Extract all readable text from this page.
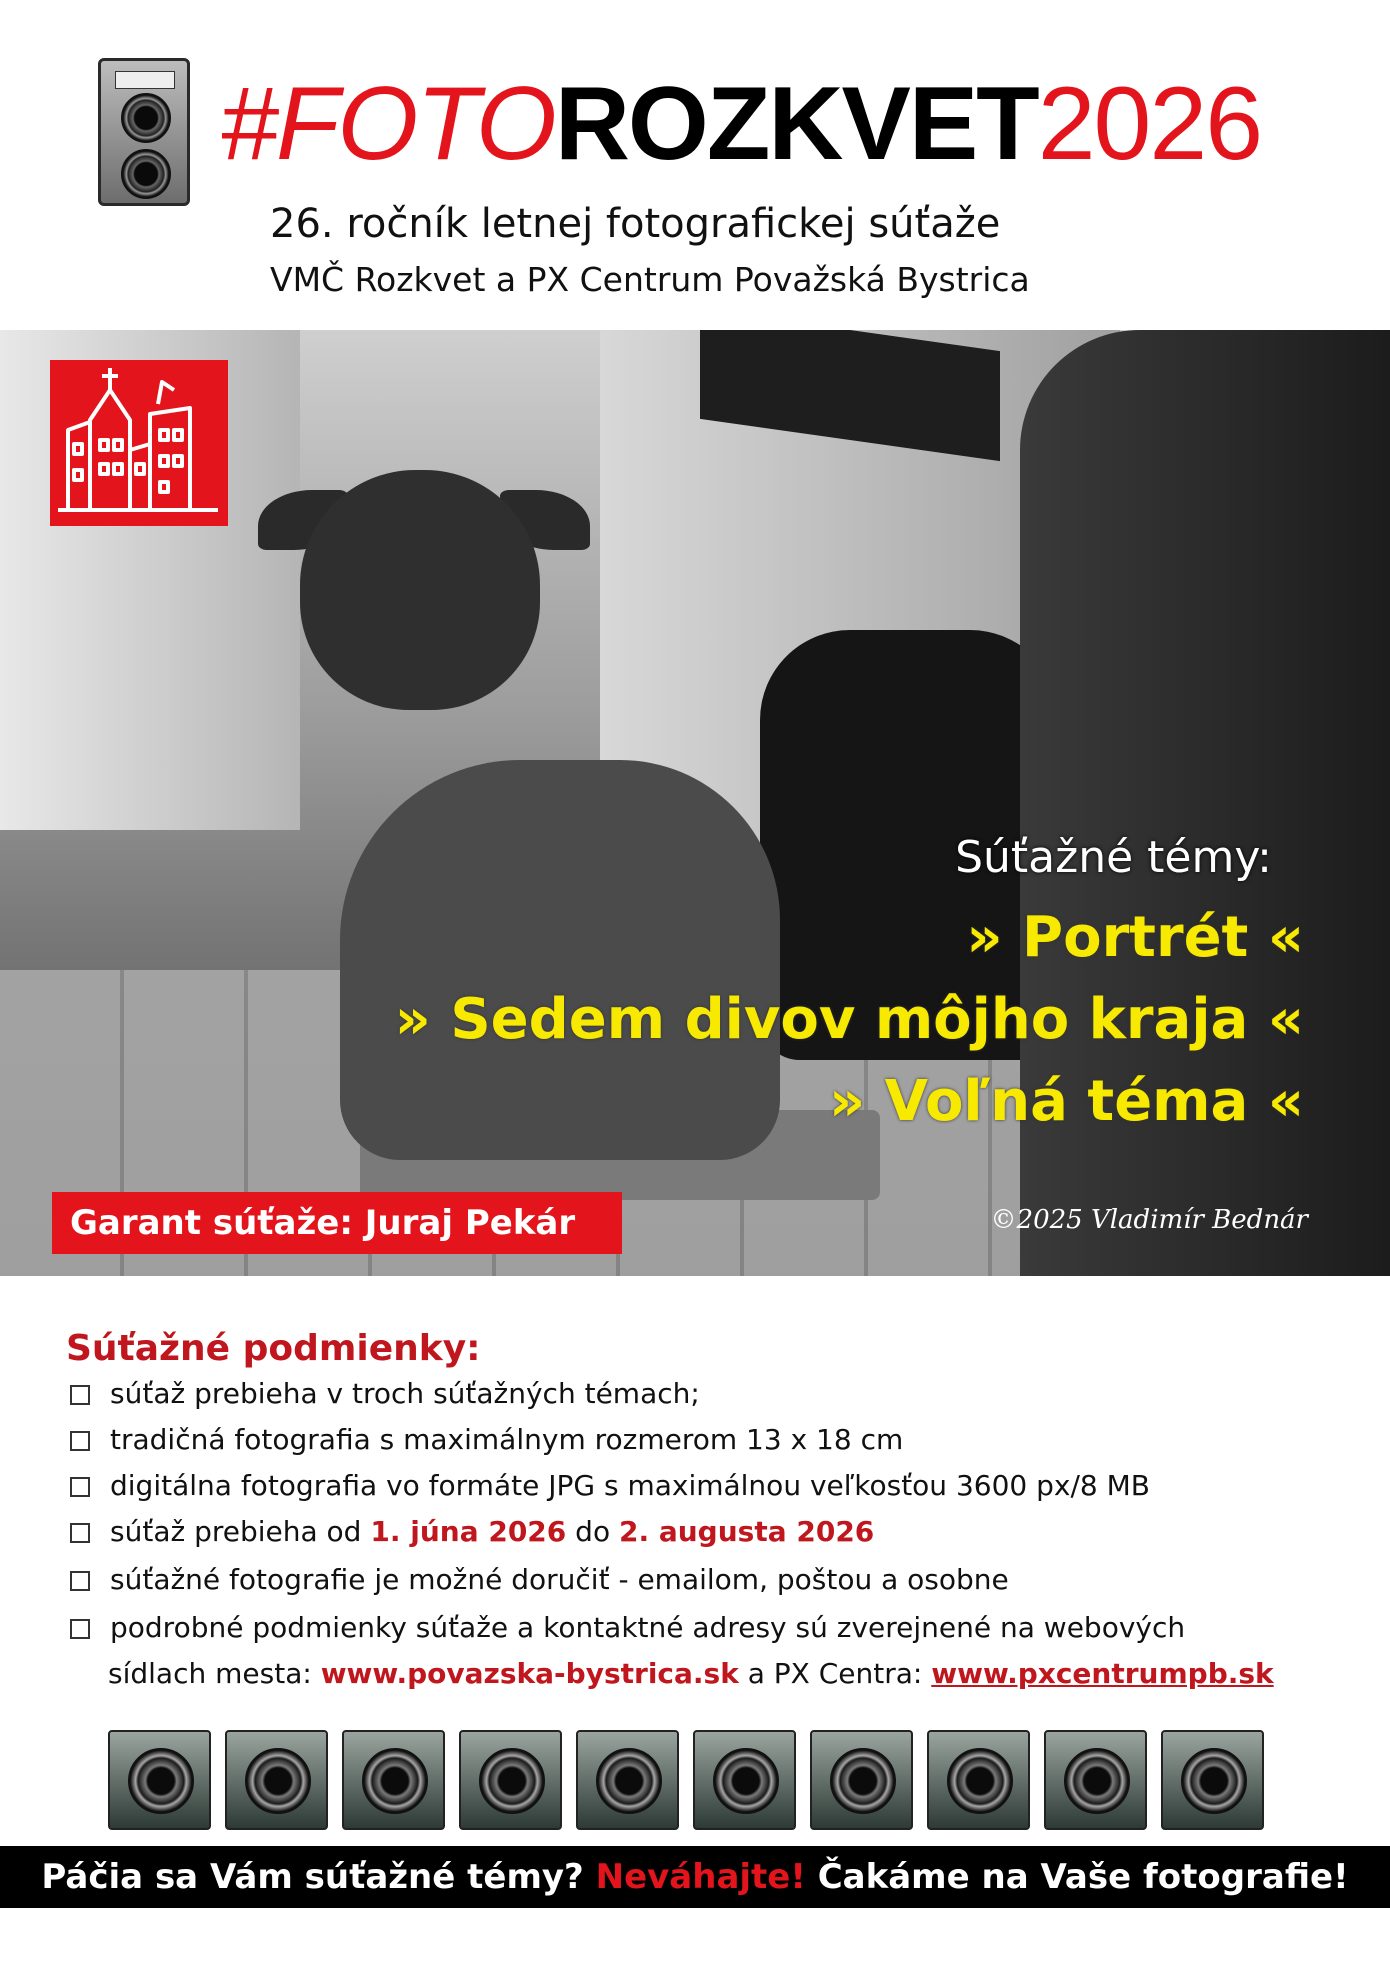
#FOTOROZKVET2026
26. ročník letnej fotografickej súťaže
VMČ Rozkvet a PX Centrum Považská Bystrica
Súťažné témy:
» Portrét «
» Sedem divov môjho kraja «
» Voľná téma «
Garant súťaže: Juraj Pekár	©2025 Vladimír Bednár
Súťažné podmienky:
súťaž prebieha v troch súťažných témach;
tradičná fotografia s maximálnym rozmerom 13 x 18 cm
digitálna fotografia vo formáte JPG s maximálnou veľkosťou 3600 px/8 MB
súťaž prebieha od 1. júna 2026 do 2. augusta 2026
súťažné fotografie je možné doručiť - emailom, poštou a osobne
podrobné podmienky súťaže a kontaktné adresy sú zverejnené na webových
sídlach mesta: www.povazska-bystrica.sk a PX Centra: www.pxcentrumpb.sk
Páčia sa Vám súťažné témy? Neváhajte! Čakáme na Vaše fotografie!
